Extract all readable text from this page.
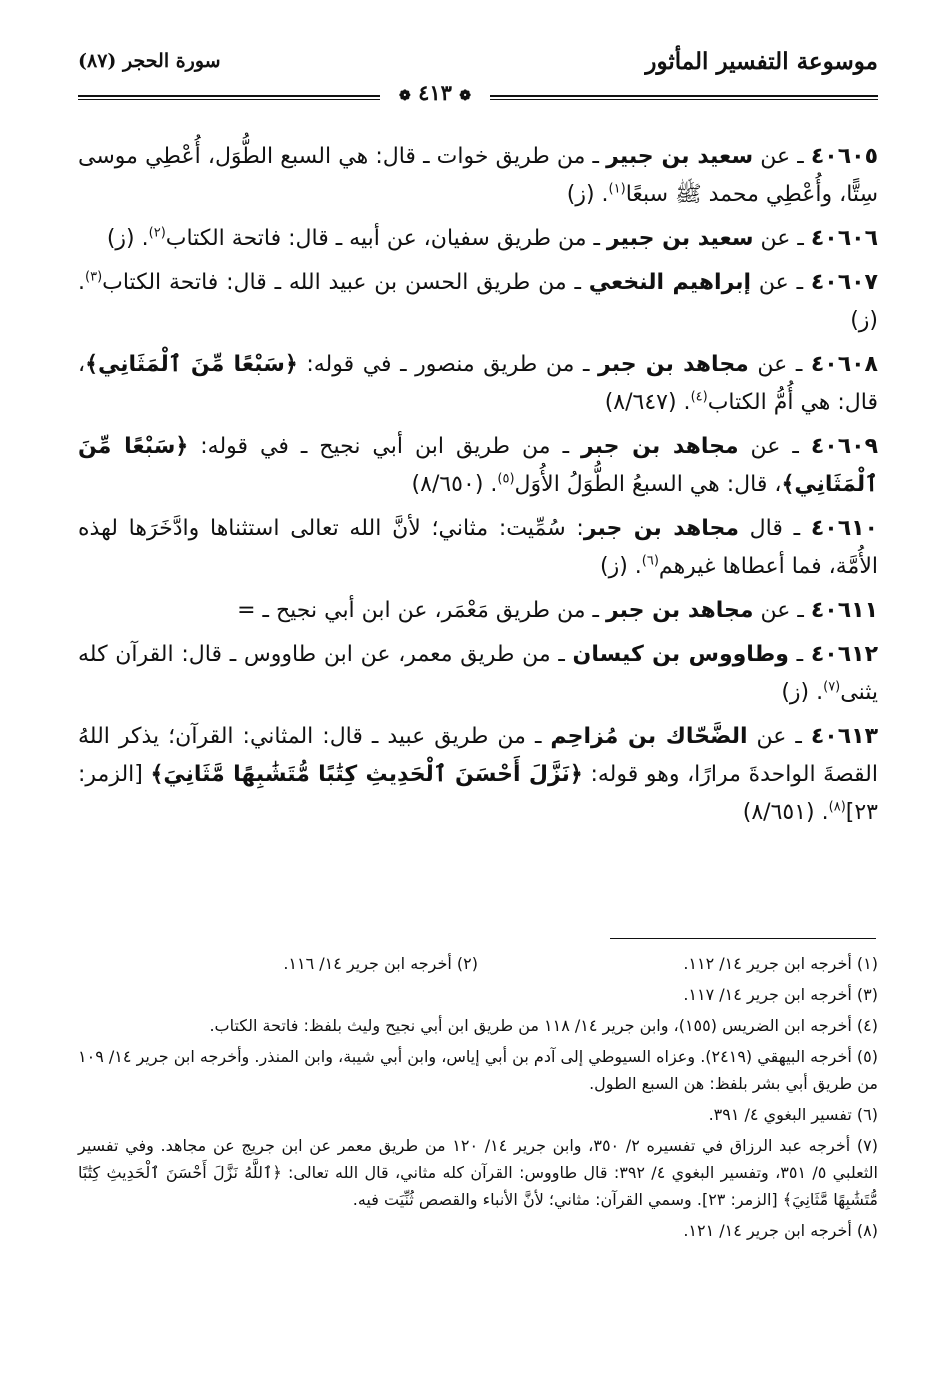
موسوعة التفسير المأثور
سورة الحجر (٨٧)
❁ ٤١٣ ❁

٤٠٦٠٥ ـ عن سعيد بن جبير ـ من طريق خوات ـ قال: هي السبع الطُّوَل، أُعْطِي موسى سِتًّا، وأُعْطِي محمد ﷺ سبعًا$^{(١)}$. (ز)

٤٠٦٠٦ ـ عن سعيد بن جبير ـ من طريق سفيان، عن أبيه ـ قال: فاتحة الكتاب$^{(٢)}$. (ز)

٤٠٦٠٧ ـ عن إبراهيم النخعي ـ من طريق الحسن بن عبيد الله ـ قال: فاتحة الكتاب$^{(٣)}$. (ز)

٤٠٦٠٨ ـ عن مجاهد بن جبر ـ من طريق منصور ـ في قوله: ﴿سَبْعًا مِّنَ ٱلْمَثَانِي﴾، قال: هي أُمُّ الكتاب$^{(٤)}$. (٨/٦٤٧)

٤٠٦٠٩ ـ عن مجاهد بن جبر ـ من طريق ابن أبي نجيح ـ في قوله: ﴿سَبْعًا مِّنَ ٱلْمَثَانِي﴾، قال: هي السبعُ الطُّوَلُ الأُوَل$^{(٥)}$. (٨/٦٥٠)

٤٠٦١٠ ـ قال مجاهد بن جبر: سُمِّيت: مثاني؛ لأنَّ الله تعالى استثناها وادَّخَرَها لهذه الأُمَّة، فما أعطاها غيرهم$^{(٦)}$. (ز)

٤٠٦١١ ـ عن مجاهد بن جبر ـ من طريق مَعْمَر، عن ابن أبي نجيح ـ =

٤٠٦١٢ ـ وطاووس بن كيسان ـ من طريق معمر، عن ابن طاووس ـ قال: القرآن كله يثنى$^{(٧)}$. (ز)

٤٠٦١٣ ـ عن الضَّحّاك بن مُزاحِم ـ من طريق عبيد ـ قال: المثاني: القرآن؛ يذكر اللهُ القصةَ الواحدةَ مرارًا، وهو قوله: ﴿نَزَّلَ أَحْسَنَ ٱلْحَدِيثِ كِتَٰبًا مُّتَشَٰبِهًا مَّثَانِيَ﴾ [الزمر: ٢٣]$^{(٨)}$. (٨/٦٥١)

(١) أخرجه ابن جرير ١٤/ ١١٢.

(٢) أخرجه ابن جرير ١٤/ ١١٦.

(٣) أخرجه ابن جرير ١٤/ ١١٧.

(٤) أخرجه ابن الضريس (١٥٥)، وابن جرير ١٤/ ١١٨ من طريق ابن أبي نجيح وليث بلفظ: فاتحة الكتاب.

(٥) أخرجه البيهقي (٢٤١٩). وعزاه السيوطي إلى آدم بن أبي إياس، وابن أبي شيبة، وابن المنذر. وأخرجه ابن جرير ١٤/ ١٠٩ من طريق أبي بشر بلفظ: هن السبع الطول.

(٦) تفسير البغوي ٤/ ٣٩١.

(٧) أخرجه عبد الرزاق في تفسيره ٢/ ٣٥٠، وابن جرير ١٤/ ١٢٠ من طريق معمر عن ابن جريج عن مجاهد. وفي تفسير الثعلبي ٥/ ٣٥١، وتفسير البغوي ٤/ ٣٩٢: قال طاووس: القرآن كله مثاني، قال الله تعالى: ﴿ٱللَّهُ نَزَّلَ أَحْسَنَ ٱلْحَدِيثِ كِتَٰبًا مُّتَشَٰبِهًا مَّثَانِيَ﴾ [الزمر: ٢٣]. وسمي القرآن: مثاني؛ لأنَّ الأنباء والقصص ثُنِّيَت فيه.

(٨) أخرجه ابن جرير ١٤/ ١٢١.
